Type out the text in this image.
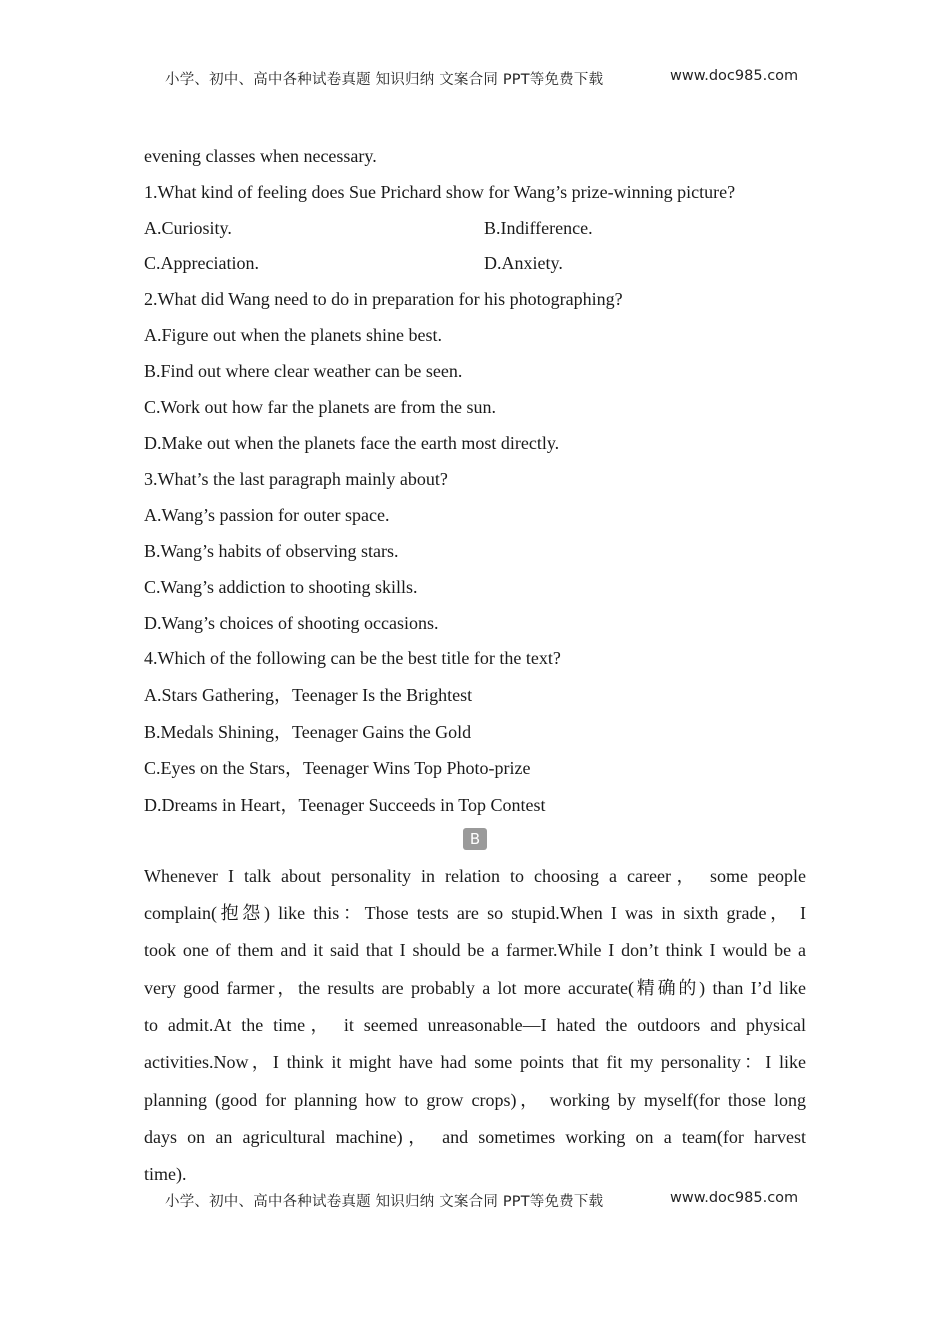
小学、初中、高中各种试卷真题 知识归纳 文案合同 PPT等免费下载	www.doc985.com
evening classes when necessary.
1.What kind of feeling does Sue Prichard show for Wang’s prize-winning picture?
A.Curiosity.	B.Indifference.
C.Appreciation.	D.Anxiety.
2.What did Wang need to do in preparation for his photographing?
A.Figure out when the planets shine best.
B.Find out where clear weather can be seen.
C.Work out how far the planets are from the sun.
D.Make out when the planets face the earth most directly.
3.What’s the last paragraph mainly about?
A.Wang’s passion for outer space.
B.Wang’s habits of observing stars.
C.Wang’s addiction to shooting skills.
D.Wang’s choices of shooting occasions.
4.Which of the following can be the best title for the text?
A.Stars Gathering，Teenager Is the Brightest
B.Medals Shining，Teenager Gains the Gold
C.Eyes on the Stars，Teenager Wins Top Photo-prize
D.Dreams in Heart，Teenager Succeeds in Top Contest
B
Whenever I talk about personality in relation to choosing a career， some people
complain(抱怨) like this：Those tests are so stupid.When I was in sixth grade， I
took one of them and it said that I should be a farmer.While I don’t think I would be a
very good farmer，the results are probably a lot more accurate(精确的) than I’d like
to admit.At the time， it seemed unreasonable—I hated the outdoors and physical
activities.Now，I think it might have had some points that fit my personality：I like
planning (good for planning how to grow crops)， working by myself(for those long
days on an agricultural machine)， and sometimes working on a team(for harvest
time).
小学、初中、高中各种试卷真题 知识归纳 文案合同 PPT等免费下载	www.doc985.com
